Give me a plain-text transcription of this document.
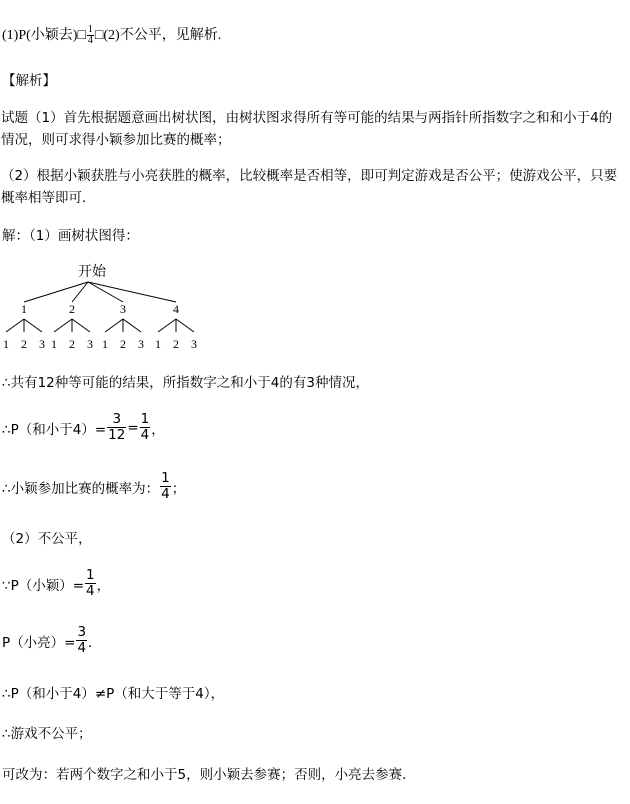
(1)P(小颖去)□ $\frac{1}{4}$ □(2)不公平，见解析.
【解析】
试题（1）首先根据题意画出树状图，由树状图求得所有等可能的结果与两指针所指数字之和和小于4的情况，则可求得小颖参加比赛的概率；
（2）根据小颖获胜与小亮获胜的概率，比较概率是否相等，即可判定游戏是否公平；使游戏公平，只要概率相等即可．
解：（1）画树状图得：
开始
1	2	3	4
1 2 3 1 2 3 1 2 3 1 2 3
∴共有12种等可能的结果，所指数字之和小于4的有3种情况，
∴P（和小于$4)= \frac{3}{12} = \frac{1}{4}$ ，
∴小颖参加比赛的概率为： $\frac{1}{4}$ ；
（2）不公平，
∵P（小颖）= $\frac{1}{4}$ ，
P（小亮）= $\frac{3}{4}$ ．
∴P（和小于4）≠P（和大于等于4），
∴游戏不公平；
可改为：若两个数字之和小于5，则小颖去参赛；否则，小亮去参赛．
